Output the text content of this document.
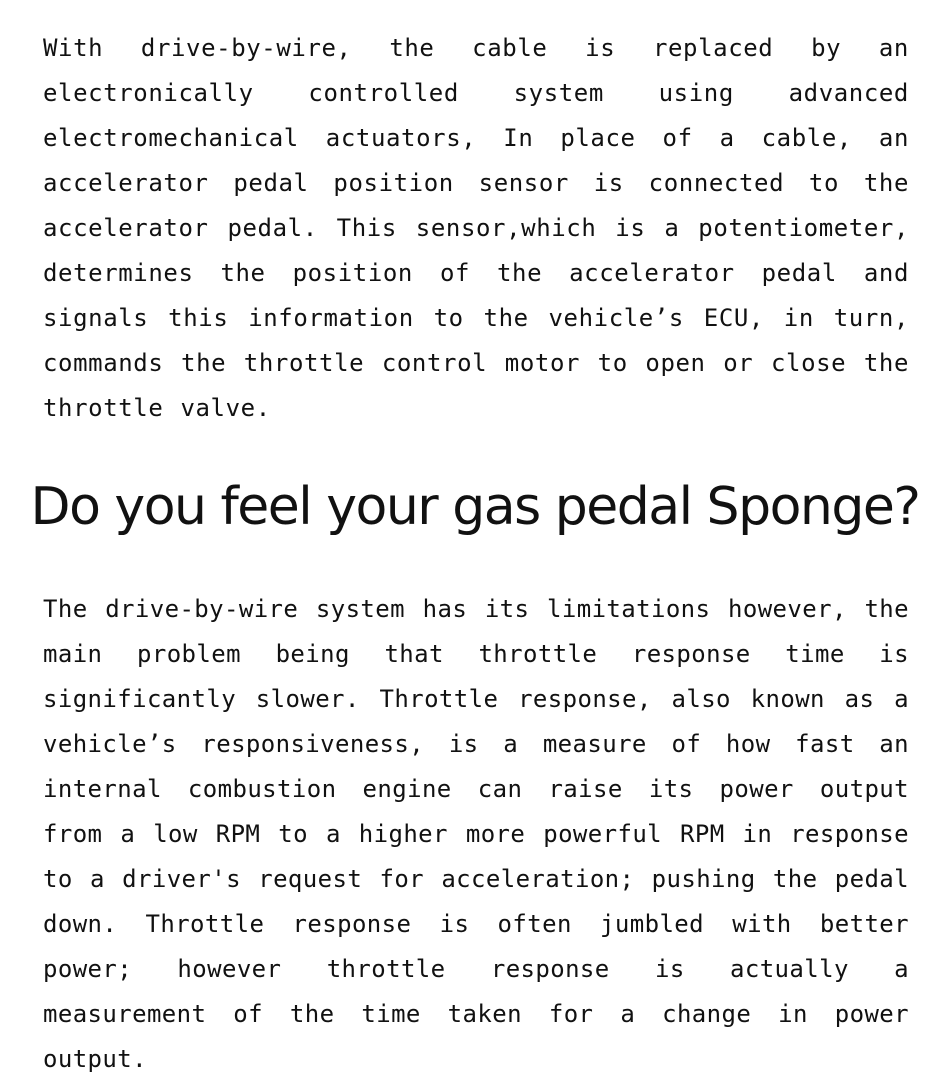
With drive-by-wire, the cable is replaced by an electronically controlled system using advanced electromechanical actuators, In place of a cable, an accelerator pedal position sensor is connected to the accelerator pedal. This sensor,which is a potentiometer, determines the position of the accelerator pedal and signals this information to the vehicle’s ECU, in turn, commands the throttle control motor to open or close the throttle valve.

Do you feel your gas pedal Sponge?

The drive-by-wire system has its limitations however, the main problem being that throttle response time is significantly slower. Throttle response, also known as a vehicle’s responsiveness, is a measure of how fast an internal combustion engine can raise its power output from a low RPM to a higher more powerful RPM in response to a driver's request for acceleration; pushing the pedal down. Throttle response is often jumbled with better power; however throttle response is actually a measurement of the time taken for a change in power output.
